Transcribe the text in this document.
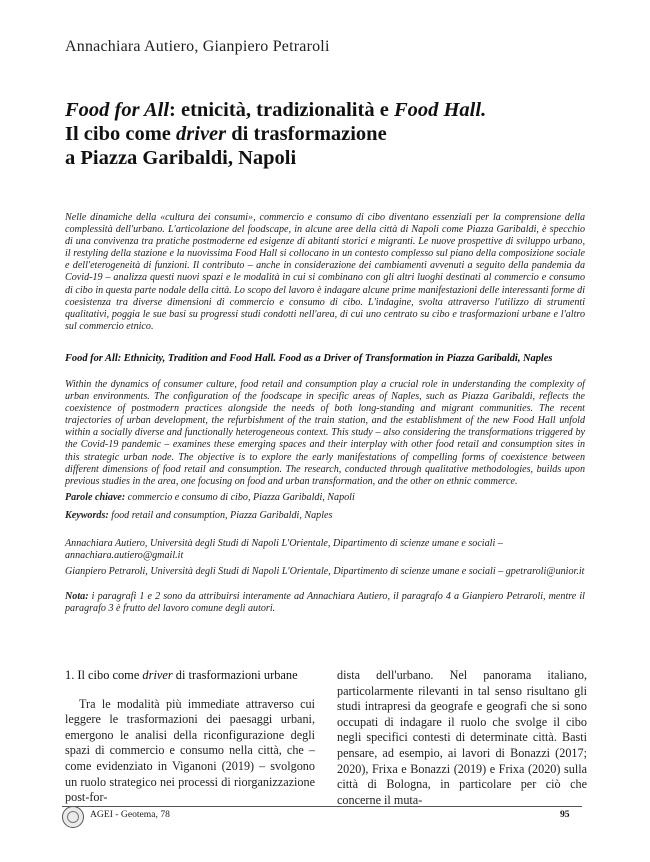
Annachiara Autiero, Gianpiero Petraroli
Food for All: etnicità, tradizionalità e Food Hall.
Il cibo come driver di trasformazione
a Piazza Garibaldi, Napoli
Nelle dinamiche della «cultura dei consumi», commercio e consumo di cibo diventano essenziali per la comprensione della complessità dell'urbano. L'articolazione del foodscape, in alcune aree della città di Napoli come Piazza Garibaldi, è specchio di una convivenza tra pratiche postmoderne ed esigenze di abitanti storici e migranti. Le nuove prospettive di sviluppo urbano, il restyling della stazione e la nuovissima Food Hall si collocano in un contesto complesso sul piano della composizione sociale e dell'eterogeneità di funzioni. Il contributo – anche in considerazione dei cambiamenti avvenuti a seguito della pandemia da Covid-19 – analizza questi nuovi spazi e le modalità in cui si combinano con gli altri luoghi destinati al commercio e consumo di cibo in questa parte nodale della città. Lo scopo del lavoro è indagare alcune prime manifestazioni delle interessanti forme di coesistenza tra diverse dimensioni di commercio e consumo di cibo. L'indagine, svolta attraverso l'utilizzo di strumenti qualitativi, poggia le sue basi su progressi studi condotti nell'area, di cui uno centrato su cibo e trasformazioni urbane e l'altro sul commercio etnico.
Food for All: Ethnicity, Tradition and Food Hall. Food as a Driver of Transformation in Piazza Garibaldi, Naples
Within the dynamics of consumer culture, food retail and consumption play a crucial role in understanding the complexity of urban environments. The configuration of the foodscape in specific areas of Naples, such as Piazza Garibaldi, reflects the coexistence of postmodern practices alongside the needs of both long-standing and migrant communities. The recent trajectories of urban development, the refurbishment of the train station, and the establishment of the new Food Hall unfold within a socially diverse and functionally heterogeneous context. This study – also considering the transformations triggered by the Covid-19 pandemic – examines these emerging spaces and their interplay with other food retail and consumption sites in this strategic urban node. The objective is to explore the early manifestations of compelling forms of coexistence between different dimensions of food retail and consumption. The research, conducted through qualitative methodologies, builds upon previous studies in the area, one focusing on food and urban transformation, and the other on ethnic commerce.
Parole chiave: commercio e consumo di cibo, Piazza Garibaldi, Napoli
Keywords: food retail and consumption, Piazza Garibaldi, Naples
Annachiara Autiero, Università degli Studi di Napoli L'Orientale, Dipartimento di scienze umane e sociali – annachiara.autiero@gmail.it
Gianpiero Petraroli, Università degli Studi di Napoli L'Orientale, Dipartimento di scienze umane e sociali – gpetraroli@unior.it
Nota: i paragrafi 1 e 2 sono da attribuirsi interamente ad Annachiara Autiero, il paragrafo 4 a Gianpiero Petraroli, mentre il paragrafo 3 è frutto del lavoro comune degli autori.
1. Il cibo come driver di trasformazioni urbane

Tra le modalità più immediate attraverso cui leggere le trasformazioni dei paesaggi urbani, emergono le analisi della riconfigurazione degli spazi di commercio e consumo nella città, che – come evidenziato in Viganoni (2019) – svolgono un ruolo strategico nei processi di riorganizzazione post-for-

dista dell'urbano. Nel panorama italiano, particolarmente rilevanti in tal senso risultano gli studi intrapresi da geografe e geografi che si sono occupati di indagare il ruolo che svolge il cibo negli specifici contesti di determinate città. Basti pensare, ad esempio, ai lavori di Bonazzi (2017; 2020), Frixa e Bonazzi (2019) e Frixa (2020) sulla città di Bologna, in particolare per ciò che concerne il muta-

AGEI - Geotema, 78	95
